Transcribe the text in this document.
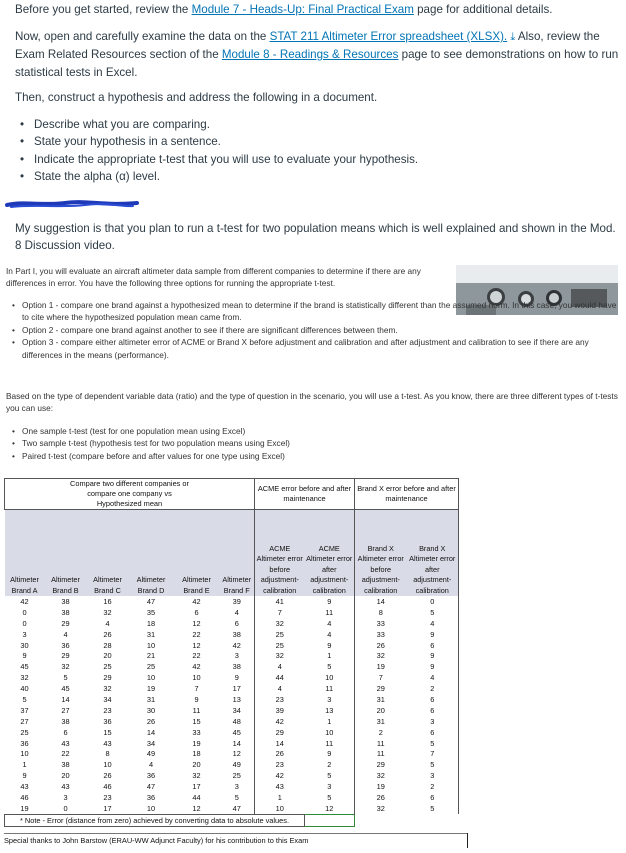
Before you get started, review the Module 7 - Heads-Up: Final Practical Exam page for additional details.

Now, open and carefully examine the data on the STAT 211 Altimeter Error spreadsheet (XLSX). ⤓ Also, review the Exam Related Resources section of the Module 8 - Readings & Resources page to see demonstrations on how to run statistical tests in Excel.

Then, construct a hypothesis and address the following in a document.

• Describe what you are comparing.
• State your hypothesis in a sentence.
• Indicate the appropriate t-test that you will use to evaluate your hypothesis.
• State the alpha (α) level.

My suggestion is that you plan to run a t-test for two population means which is well explained and shown in the Mod. 8 Discussion video.

In Part I, you will evaluate an aircraft altimeter data sample from different companies to determine if there are any differences in error. You have the following three options for running the appropriate t-test.

• Option 1 - compare one brand against a hypothesized mean to determine if the brand is statistically different than the assumed norm. In this case, you would have to cite where the hypothesized population mean came from.
• Option 2 - compare one brand against another to see if there are significant differences between them.
• Option 3 - compare either altimeter error of ACME or Brand X before adjustment and calibration and after adjustment and calibration to see if there are any differences in the means (performance).

Based on the type of dependent variable data (ratio) and the type of question in the scenario, you will use a t-test. As you know, there are three different types of t-tests you can use:

• One sample t-test (test for one population mean using Excel)
• Two sample t-test (hypothesis test for two population means using Excel)
• Paired t-test (compare before and after values for one type using Excel)
Compare two different companies or compare one company vs Hypothesized mean						ACME error before and after maintenance		Brand X error before and after maintenance	
Altimeter Brand A	Altimeter Brand B	Altimeter Brand C	Altimeter Brand D	Altimeter Brand E	Altimeter Brand F	ACME Altimeter error before adjustment-calibration	ACME Altimeter error after adjustment-calibration	Brand X Altimeter error before adjustment-calibration	Brand X Altimeter error after adjustment-calibration
42	38	16	47	42	39	41	9	14	0
0	38	32	35	6	4	7	11	8	5
0	29	4	18	12	6	32	4	33	4
3	4	26	31	22	38	25	4	33	9
30	36	28	10	12	42	25	9	26	6
9	29	20	21	22	3	32	1	32	9
45	32	25	25	42	38	4	5	19	9
32	5	29	10	10	9	44	10	7	4
40	45	32	19	7	17	4	11	29	2
5	14	34	31	9	13	23	3	31	6
37	27	23	30	11	34	39	13	20	6
27	38	36	26	15	48	42	1	31	3
25	6	15	14	33	45	29	10	2	6
36	43	43	34	19	14	14	11	11	5
10	22	8	49	18	12	26	9	11	7
1	38	10	4	20	49	23	2	29	5
9	20	26	36	32	25	42	5	32	3
43	43	46	47	17	3	43	3	19	2
46	3	23	36	44	5	1	5	26	6
19	0	17	10	12	47	10	12	32	5
* Note - Error (distance from zero) achieved by converting data to absolute values.									
Special thanks to John Barstow (ERAU-WW Adjunct Faculty) for his contribution to this Exam
